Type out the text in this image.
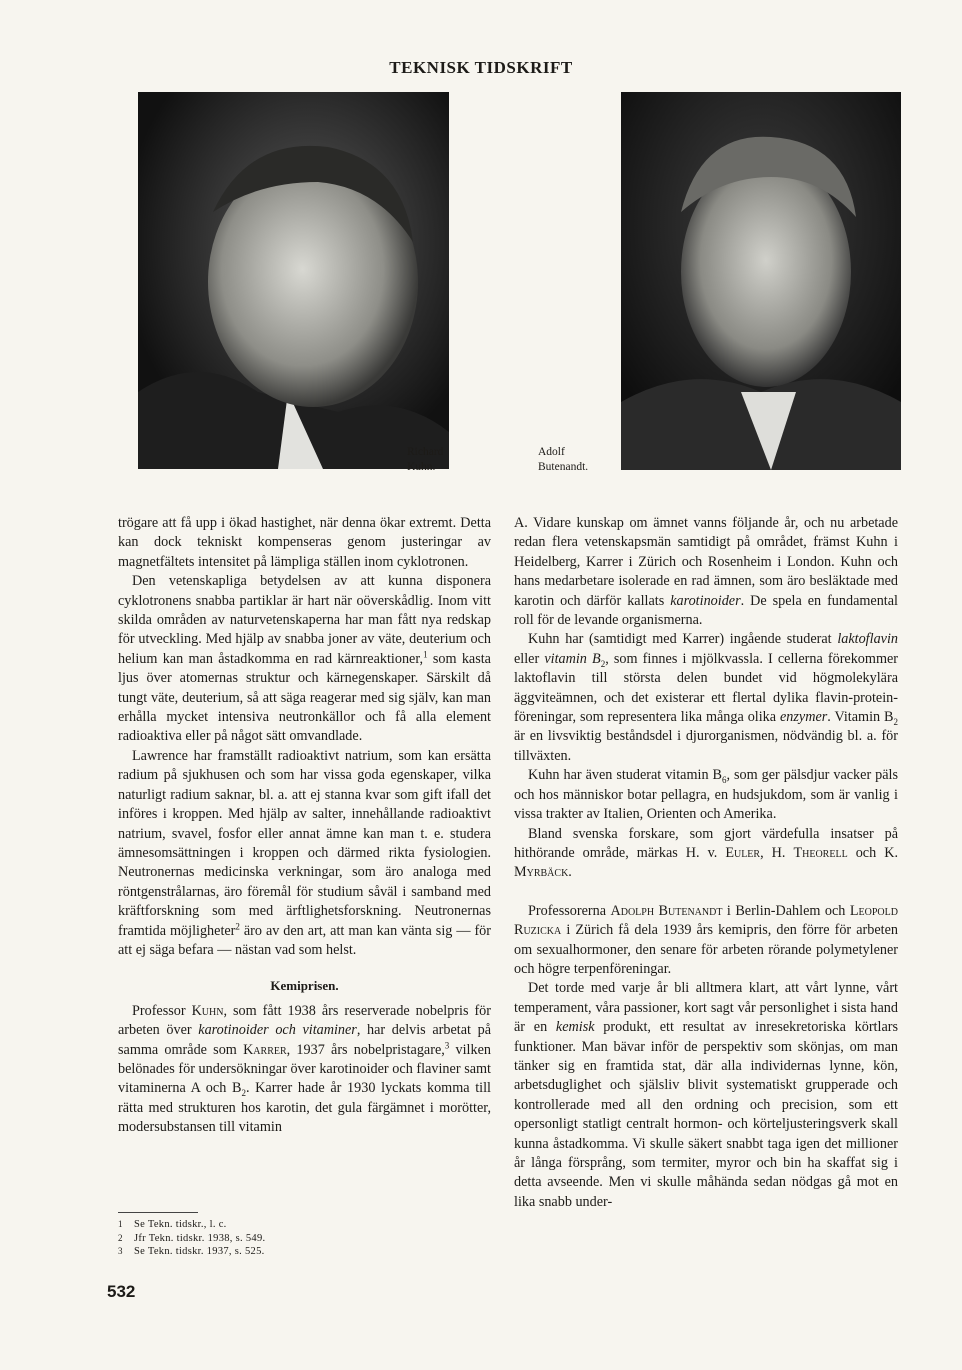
TEKNISK TIDSKRIFT
Richard
Kuhn.
Adolf
Butenandt.

trögare att få upp i ökad hastighet, när denna ökar extremt. Detta kan dock tekniskt kompenseras genom justeringar av magnetfältets intensitet på lämpliga ställen inom cyklotronen.

Den vetenskapliga betydelsen av att kunna disponera cyklotronens snabba partiklar är hart när oöverskådlig. Inom vitt skilda områden av naturvetenskaperna har man fått nya redskap för utveckling. Med hjälp av snabba joner av väte, deuterium och helium kan man åstadkomma en rad kärnreaktioner,$^1$ som kasta ljus över atomernas struktur och kärnegenskaper. Särskilt då tungt väte, deuterium, så att säga reagerar med sig själv, kan man erhålla mycket intensiva neutronkällor och få alla element radioaktiva eller på något sätt omvandlade.

Lawrence har framställt radioaktivt natrium, som kan ersätta radium på sjukhusen och som har vissa goda egenskaper, vilka naturligt radium saknar, bl. a. att ej stanna kvar som gift ifall det införes i kroppen. Med hjälp av salter, innehållande radioaktivt natrium, svavel, fosfor eller annat ämne kan man t. e. studera ämnesomsättningen i kroppen och därmed rikta fysiologien. Neutronernas medicinska verkningar, som äro analoga med röntgenstrålarnas, äro föremål för studium såväl i samband med kräftforskning som med ärftlighetsforskning. Neutronernas framtida möjligheter$^2$ äro av den art, att man kan vänta sig — för att ej säga befara — nästan vad som helst.

Kemiprisen.

Professor Kuhn, som fått 1938 års reserverade nobelpris för arbeten över karotinoider och vitaminer, har delvis arbetat på samma område som Karrer, 1937 års nobelpristagare,$^3$ vilken belönades för undersökningar över karotinoider och flaviner samt vitaminerna A och $B_2$. Karrer hade år 1930 lyckats komma till rätta med strukturen hos karotin, det gula färgämnet i morötter, modersubstansen till vitamin

1 Se Tekn. tidskr., l. c.
2 Jfr Tekn. tidskr. 1938, s. 549.
3 Se Tekn. tidskr. 1937, s. 525.
532

A. Vidare kunskap om ämnet vanns följande år, och nu arbetade redan flera vetenskapsmän samtidigt på området, främst Kuhn i Heidelberg, Karrer i Zürich och Rosenheim i London. Kuhn och hans medarbetare isolerade en rad ämnen, som äro besläktade med karotin och därför kallats karotinoider. De spela en fundamental roll för de levande organismerna.

Kuhn har (samtidigt med Karrer) ingående studerat laktoflavin eller vitamin $B_2$, som finnes i mjölkvassla. I cellerna förekommer laktoflavin till största delen bundet vid högmolekylära äggviteämnen, och det existerar ett flertal dylika flavin-protein-föreningar, som representera lika många olika enzymer. Vitamin $B_2$ är en livsviktig beståndsdel i djurorganismen, nödvändig bl. a. för tillväxten.

Kuhn har även studerat vitamin $B_6$, som ger pälsdjur vacker päls och hos människor botar pellagra, en hudsjukdom, som är vanlig i vissa trakter av Italien, Orienten och Amerika.

Bland svenska forskare, som gjort värdefulla insatser på hithörande område, märkas H. v. Euler, H. Theorell och K. Myrbäck.

Professorerna Adolph Butenandt i Berlin-Dahlem och Leopold Ruzicka i Zürich få dela 1939 års kemipris, den förre för arbeten om sexualhormoner, den senare för arbeten rörande polymetylener och högre terpenföreningar.

Det torde med varje år bli alltmera klart, att vårt lynne, vårt temperament, våra passioner, kort sagt vår personlighet i sista hand är en kemisk produkt, ett resultat av inresekretoriska körtlars funktioner. Man bävar inför de perspektiv som skönjas, om man tänker sig en framtida stat, där alla individernas lynne, kön, arbetsduglighet och själsliv blivit systematiskt grupperade och kontrollerade med all den ordning och precision, som ett opersonligt statligt centralt hormon- och körteljusteringsverk skall kunna åstadkomma. Vi skulle säkert snabbt taga igen det millioner år långa försprång, som termiter, myror och bin ha skaffat sig i detta avseende. Men vi skulle måhända sedan nödgas gå mot en lika snabb under-
